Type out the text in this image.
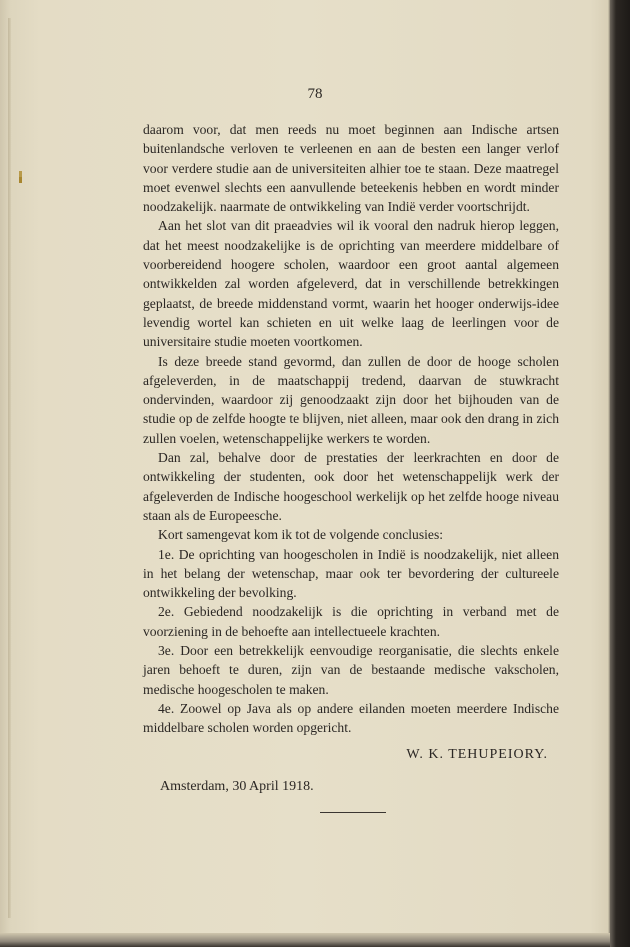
78

daarom voor, dat men reeds nu moet beginnen aan Indische artsen buitenlandsche verloven te verleenen en aan de besten een langer verlof voor verdere studie aan de universiteiten alhier toe te staan. Deze maatregel moet evenwel slechts een aanvullende beteekenis hebben en wordt minder noodzakelijk. naarmate de ontwikkeling van Indië verder voortschrijdt.

Aan het slot van dit praeadvies wil ik vooral den nadruk hierop leggen, dat het meest noodzakelijke is de oprichting van meerdere middelbare of voorbereidend hoogere scholen, waardoor een groot aantal algemeen ontwikkelden zal worden afgeleverd, dat in verschillende betrekkingen geplaatst, de breede middenstand vormt, waarin het hooger onderwijs-idee levendig wortel kan schieten en uit welke laag de leerlingen voor de universitaire studie moeten voortkomen.

Is deze breede stand gevormd, dan zullen de door de hooge scholen afgeleverden, in de maatschappij tredend, daarvan de stuwkracht ondervinden, waardoor zij genoodzaakt zijn door het bijhouden van de studie op de zelfde hoogte te blijven, niet alleen, maar ook den drang in zich zullen voelen, wetenschappelijke werkers te worden.

Dan zal, behalve door de prestaties der leerkrachten en door de ontwikkeling der studenten, ook door het wetenschappelijk werk der afgeleverden de Indische hoogeschool werkelijk op het zelfde hooge niveau staan als de Europeesche.

Kort samengevat kom ik tot de volgende conclusies:

1e. De oprichting van hoogescholen in Indië is noodzakelijk, niet alleen in het belang der wetenschap, maar ook ter bevordering der cultureele ontwikkeling der bevolking.

2e. Gebiedend noodzakelijk is die oprichting in verband met de voorziening in de behoefte aan intellectueele krachten.

3e. Door een betrekkelijk eenvoudige reorganisatie, die slechts enkele jaren behoeft te duren, zijn van de bestaande medische vakscholen, medische hoogescholen te maken.

4e. Zoowel op Java als op andere eilanden moeten meerdere Indische middelbare scholen worden opgericht.

W. K. TEHUPEIORY.
Amsterdam, 30 April 1918.
